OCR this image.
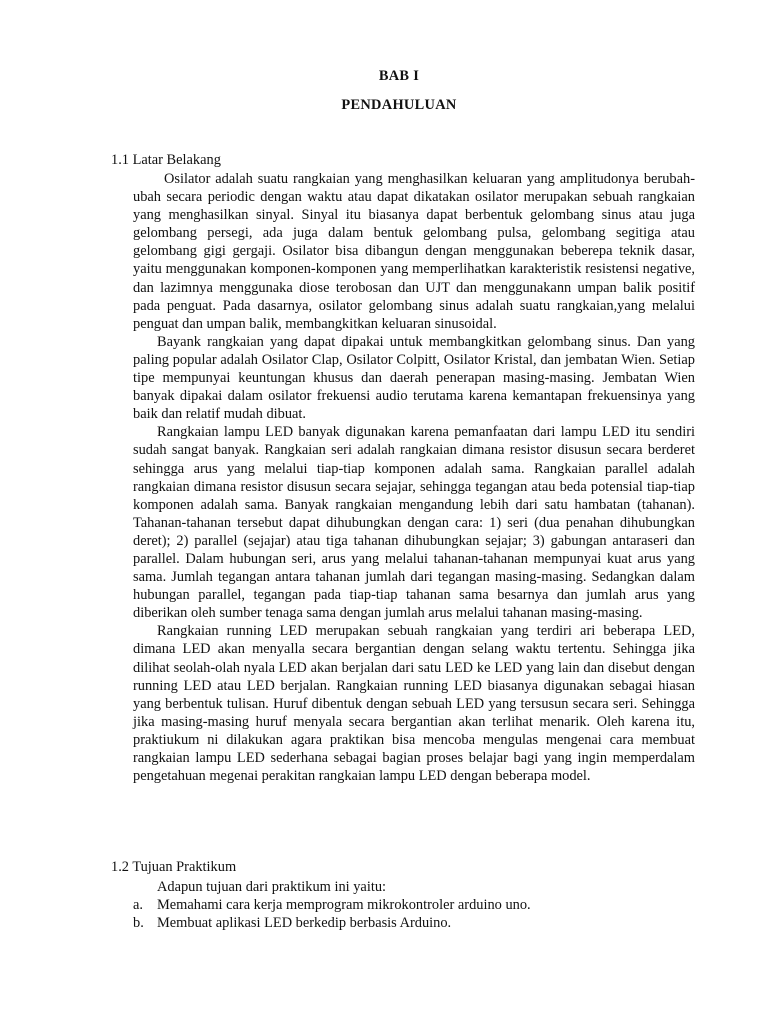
BAB I
PENDAHULUAN
1.1 Latar Belakang

Osilator adalah suatu rangkaian yang menghasilkan keluaran yang amplitudonya berubah-ubah secara periodic dengan waktu atau dapat dikatakan osilator merupakan sebuah rangkaian yang menghasilkan sinyal. Sinyal itu biasanya dapat berbentuk gelombang sinus atau juga gelombang persegi, ada juga dalam bentuk gelombang pulsa, gelombang segitiga atau gelombang gigi gergaji. Osilator bisa dibangun dengan menggunakan beberepa teknik dasar, yaitu menggunakan komponen-komponen yang memperlihatkan karakteristik resistensi negative, dan lazimnya menggunaka diose terobosan dan UJT dan menggunakann umpan balik positif pada penguat. Pada dasarnya, osilator gelombang sinus adalah suatu rangkaian,yang melalui penguat dan umpan balik, membangkitkan keluaran sinusoidal.

Bayank rangkaian yang dapat dipakai untuk membangkitkan gelombang sinus. Dan yang paling popular adalah Osilator Clap, Osilator Colpitt, Osilator Kristal, dan jembatan Wien. Setiap tipe mempunyai keuntungan khusus dan daerah penerapan masing-masing. Jembatan Wien banyak dipakai dalam osilator frekuensi audio terutama karena kemantapan frekuensinya yang baik dan relatif mudah dibuat.

Rangkaian lampu LED banyak digunakan karena pemanfaatan dari lampu LED itu sendiri sudah sangat banyak. Rangkaian seri adalah rangkaian dimana resistor disusun secara berderet sehingga arus yang melalui tiap-tiap komponen adalah sama. Rangkaian parallel adalah rangkaian dimana resistor disusun secara sejajar, sehingga tegangan atau beda potensial tiap-tiap komponen adalah sama. Banyak rangkaian mengandung lebih dari satu hambatan (tahanan). Tahanan-tahanan tersebut dapat dihubungkan dengan cara: 1) seri (dua penahan dihubungkan deret); 2) parallel (sejajar) atau tiga tahanan dihubungkan sejajar; 3) gabungan antaraseri dan parallel. Dalam hubungan seri, arus yang melalui tahanan-tahanan mempunyai kuat arus yang sama. Jumlah tegangan antara tahanan jumlah dari tegangan masing-masing. Sedangkan dalam hubungan parallel, tegangan pada tiap-tiap tahanan sama besarnya dan jumlah arus yang diberikan oleh sumber tenaga sama dengan jumlah arus melalui tahanan masing-masing.

Rangkaian running LED merupakan sebuah rangkaian yang terdiri ari beberapa LED, dimana LED akan menyalla secara bergantian dengan selang waktu tertentu. Sehingga jika dilihat seolah-olah nyala LED akan berjalan dari satu LED ke LED yang lain dan disebut dengan running LED atau LED berjalan. Rangkaian running LED biasanya digunakan sebagai hiasan yang berbentuk tulisan. Huruf dibentuk dengan sebuah LED yang tersusun secara seri. Sehingga jika masing-masing huruf menyala secara bergantian akan terlihat menarik. Oleh karena itu, praktiukum ni dilakukan agara praktikan bisa mencoba mengulas mengenai cara membuat rangkaian lampu LED sederhana sebagai bagian proses belajar bagi yang ingin memperdalam pengetahuan megenai perakitan rangkaian lampu LED dengan beberapa model.

1.2 Tujuan Praktikum

Adapun tujuan dari praktikum ini yaitu:

a. Memahami cara kerja memprogram mikrokontroler arduino uno.
b. Membuat aplikasi LED berkedip berbasis Arduino.
